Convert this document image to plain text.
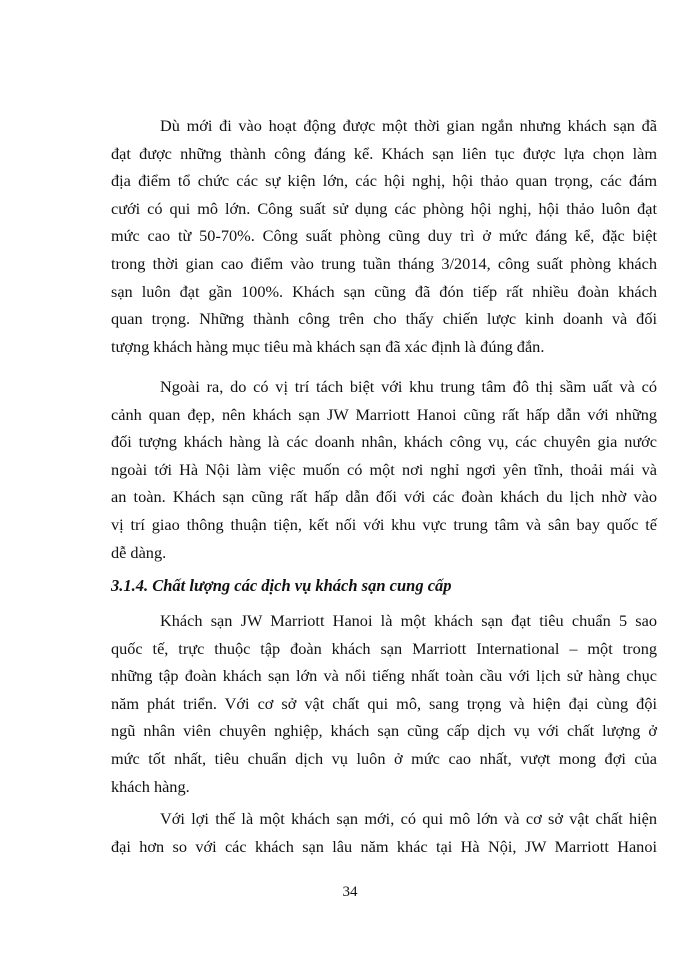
Dù mới đi vào hoạt động được một thời gian ngắn nhưng khách sạn đã
đạt được những thành công đáng kể. Khách sạn liên tục được lựa chọn làm
địa điểm tổ chức các sự kiện lớn, các hội nghị, hội thảo quan trọng, các đám
cưới có qui mô lớn. Công suất sử dụng các phòng hội nghị, hội thảo luôn đạt
mức cao từ 50-70%. Công suất phòng cũng duy trì ở mức đáng kể, đặc biệt
trong thời gian cao điểm vào trung tuần tháng 3/2014, công suất phòng khách
sạn luôn đạt gần 100%. Khách sạn cũng đã đón tiếp rất nhiều đoàn khách
quan trọng. Những thành công trên cho thấy chiến lược kinh doanh và đối
tượng khách hàng mục tiêu mà khách sạn đã xác định là đúng đắn.
Ngoài ra, do có vị trí tách biệt với khu trung tâm đô thị sầm uất và có
cảnh quan đẹp, nên khách sạn JW Marriott Hanoi cũng rất hấp dẫn với những
đối tượng khách hàng là các doanh nhân, khách công vụ, các chuyên gia nước
ngoài tới Hà Nội làm việc muốn có một nơi nghỉ ngơi yên tĩnh, thoải mái và
an toàn. Khách sạn cũng rất hấp dẫn đối với các đoàn khách du lịch nhờ vào
vị trí giao thông thuận tiện, kết nối với khu vực trung tâm và sân bay quốc tế
dễ dàng.
3.1.4. Chất lượng các dịch vụ khách sạn cung cấp
Khách sạn JW Marriott Hanoi là một khách sạn đạt tiêu chuẩn 5 sao
quốc tế, trực thuộc tập đoàn khách sạn Marriott International – một trong
những tập đoàn khách sạn lớn và nổi tiếng nhất toàn cầu với lịch sử hàng chục
năm phát triển. Với cơ sở vật chất qui mô, sang trọng và hiện đại cùng đội
ngũ nhân viên chuyên nghiệp, khách sạn cũng cấp dịch vụ với chất lượng ở
mức tốt nhất, tiêu chuẩn dịch vụ luôn ở mức cao nhất, vượt mong đợi của
khách hàng.
Với lợi thế là một khách sạn mới, có qui mô lớn và cơ sở vật chất hiện
đại hơn so với các khách sạn lâu năm khác tại Hà Nội, JW Marriott Hanoi
34
